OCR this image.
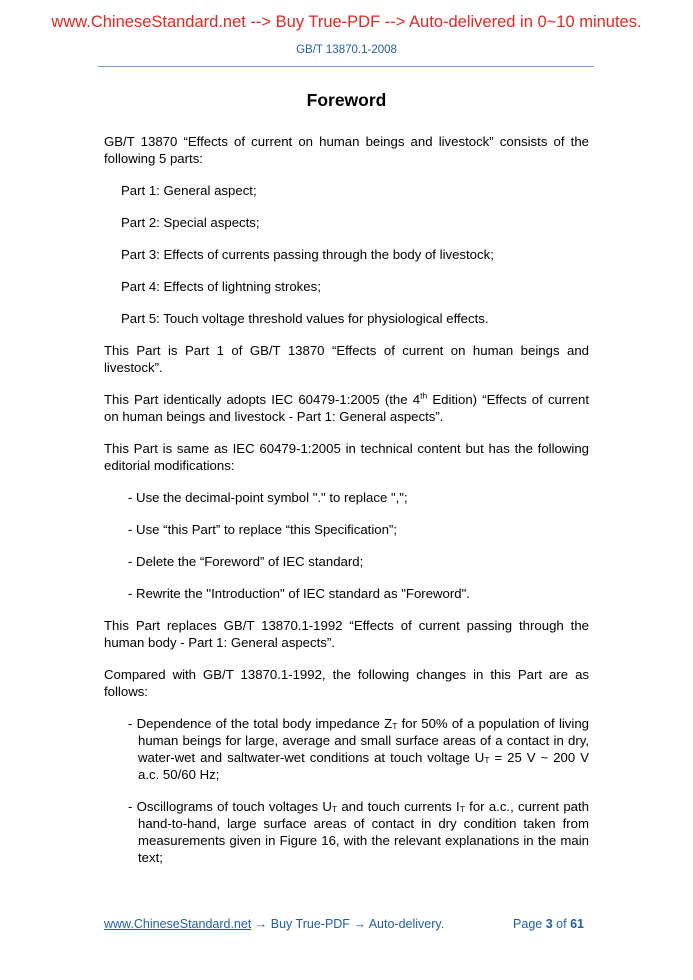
www.ChineseStandard.net --> Buy True-PDF --> Auto-delivered in 0~10 minutes.
GB/T 13870.1-2008
Foreword

GB/T 13870 “Effects of current on human beings and livestock” consists of the following 5 parts:

Part 1: General aspect;

Part 2: Special aspects;

Part 3: Effects of currents passing through the body of livestock;

Part 4: Effects of lightning strokes;

Part 5: Touch voltage threshold values for physiological effects.

This Part is Part 1 of GB/T 13870 “Effects of current on human beings and livestock”.

This Part identically adopts IEC 60479-1:2005 (the 4th Edition) “Effects of current on human beings and livestock - Part 1: General aspects”.

This Part is same as IEC 60479-1:2005 in technical content but has the following editorial modifications:

- Use the decimal-point symbol "." to replace ",";

- Use “this Part” to replace “this Specification”;

- Delete the “Foreword” of IEC standard;

- Rewrite the "Introduction" of IEC standard as "Foreword".

This Part replaces GB/T 13870.1-1992 “Effects of current passing through the human body - Part 1: General aspects”.

Compared with GB/T 13870.1-1992, the following changes in this Part are as follows:

- Dependence of the total body impedance $Z_T$ for 50% of a population of living human beings for large, average and small surface areas of a contact in dry, water-wet and saltwater-wet conditions at touch voltage $U_T = 25$ V ~ 200 V a.c. 50/60 Hz;

- Oscillograms of touch voltages $U_T$ and touch currents $I_T$ for a.c., current path hand-to-hand, large surface areas of contact in dry condition taken from measurements given in Figure 16, with the relevant explanations in the main text;

www.ChineseStandard.net → Buy True-PDF → Auto-delivery.	Page 3 of 61
